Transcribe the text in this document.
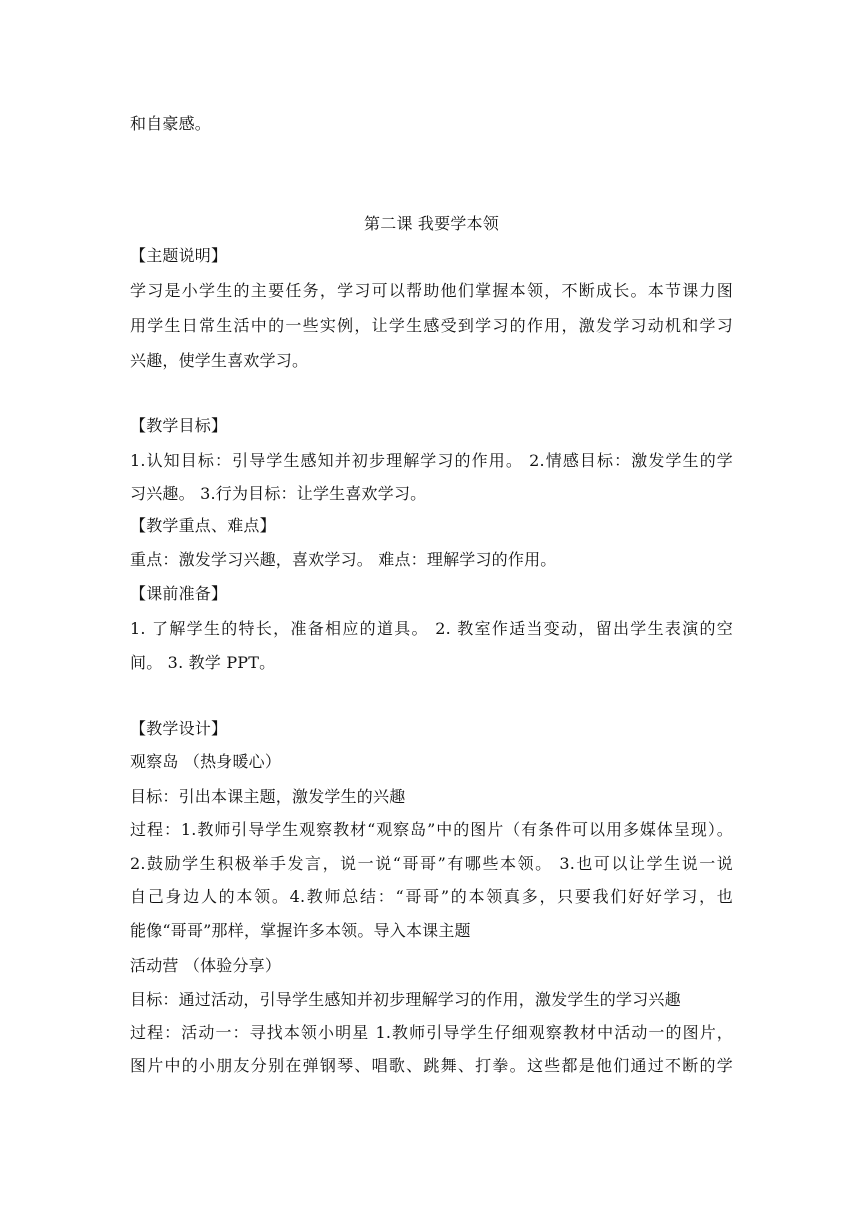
和自豪感。
第二课 我要学本领
【主题说明】
学习是小学生的主要任务，学习可以帮助他们掌握本领，不断成长。本节课力图
用学生日常生活中的一些实例，让学生感受到学习的作用，激发学习动机和学习
兴趣，使学生喜欢学习。
【教学目标】
1.认知目标：引导学生感知并初步理解学习的作用。 2.情感目标：激发学生的学
习兴趣。 3.行为目标：让学生喜欢学习。
【教学重点、难点】
重点：激发学习兴趣，喜欢学习。 难点：理解学习的作用。
【课前准备】
1. 了解学生的特长，准备相应的道具。 2. 教室作适当变动，留出学生表演的空
间。 3. 教学 PPT。
【教学设计】
观察岛 （热身暖心）
目标：引出本课主题，激发学生的兴趣
过程：1.教师引导学生观察教材“观察岛”中的图片（有条件可以用多媒体呈现）。
2.鼓励学生积极举手发言，说一说“哥哥”有哪些本领。 3.也可以让学生说一说
自己身边人的本领。4.教师总结：“哥哥”的本领真多，只要我们好好学习，也
能像“哥哥”那样，掌握许多本领。导入本课主题
活动营 （体验分享）
目标：通过活动，引导学生感知并初步理解学习的作用，激发学生的学习兴趣
过程：活动一：寻找本领小明星 1.教师引导学生仔细观察教材中活动一的图片，
图片中的小朋友分别在弹钢琴、唱歌、跳舞、打拳。这些都是他们通过不断的学
